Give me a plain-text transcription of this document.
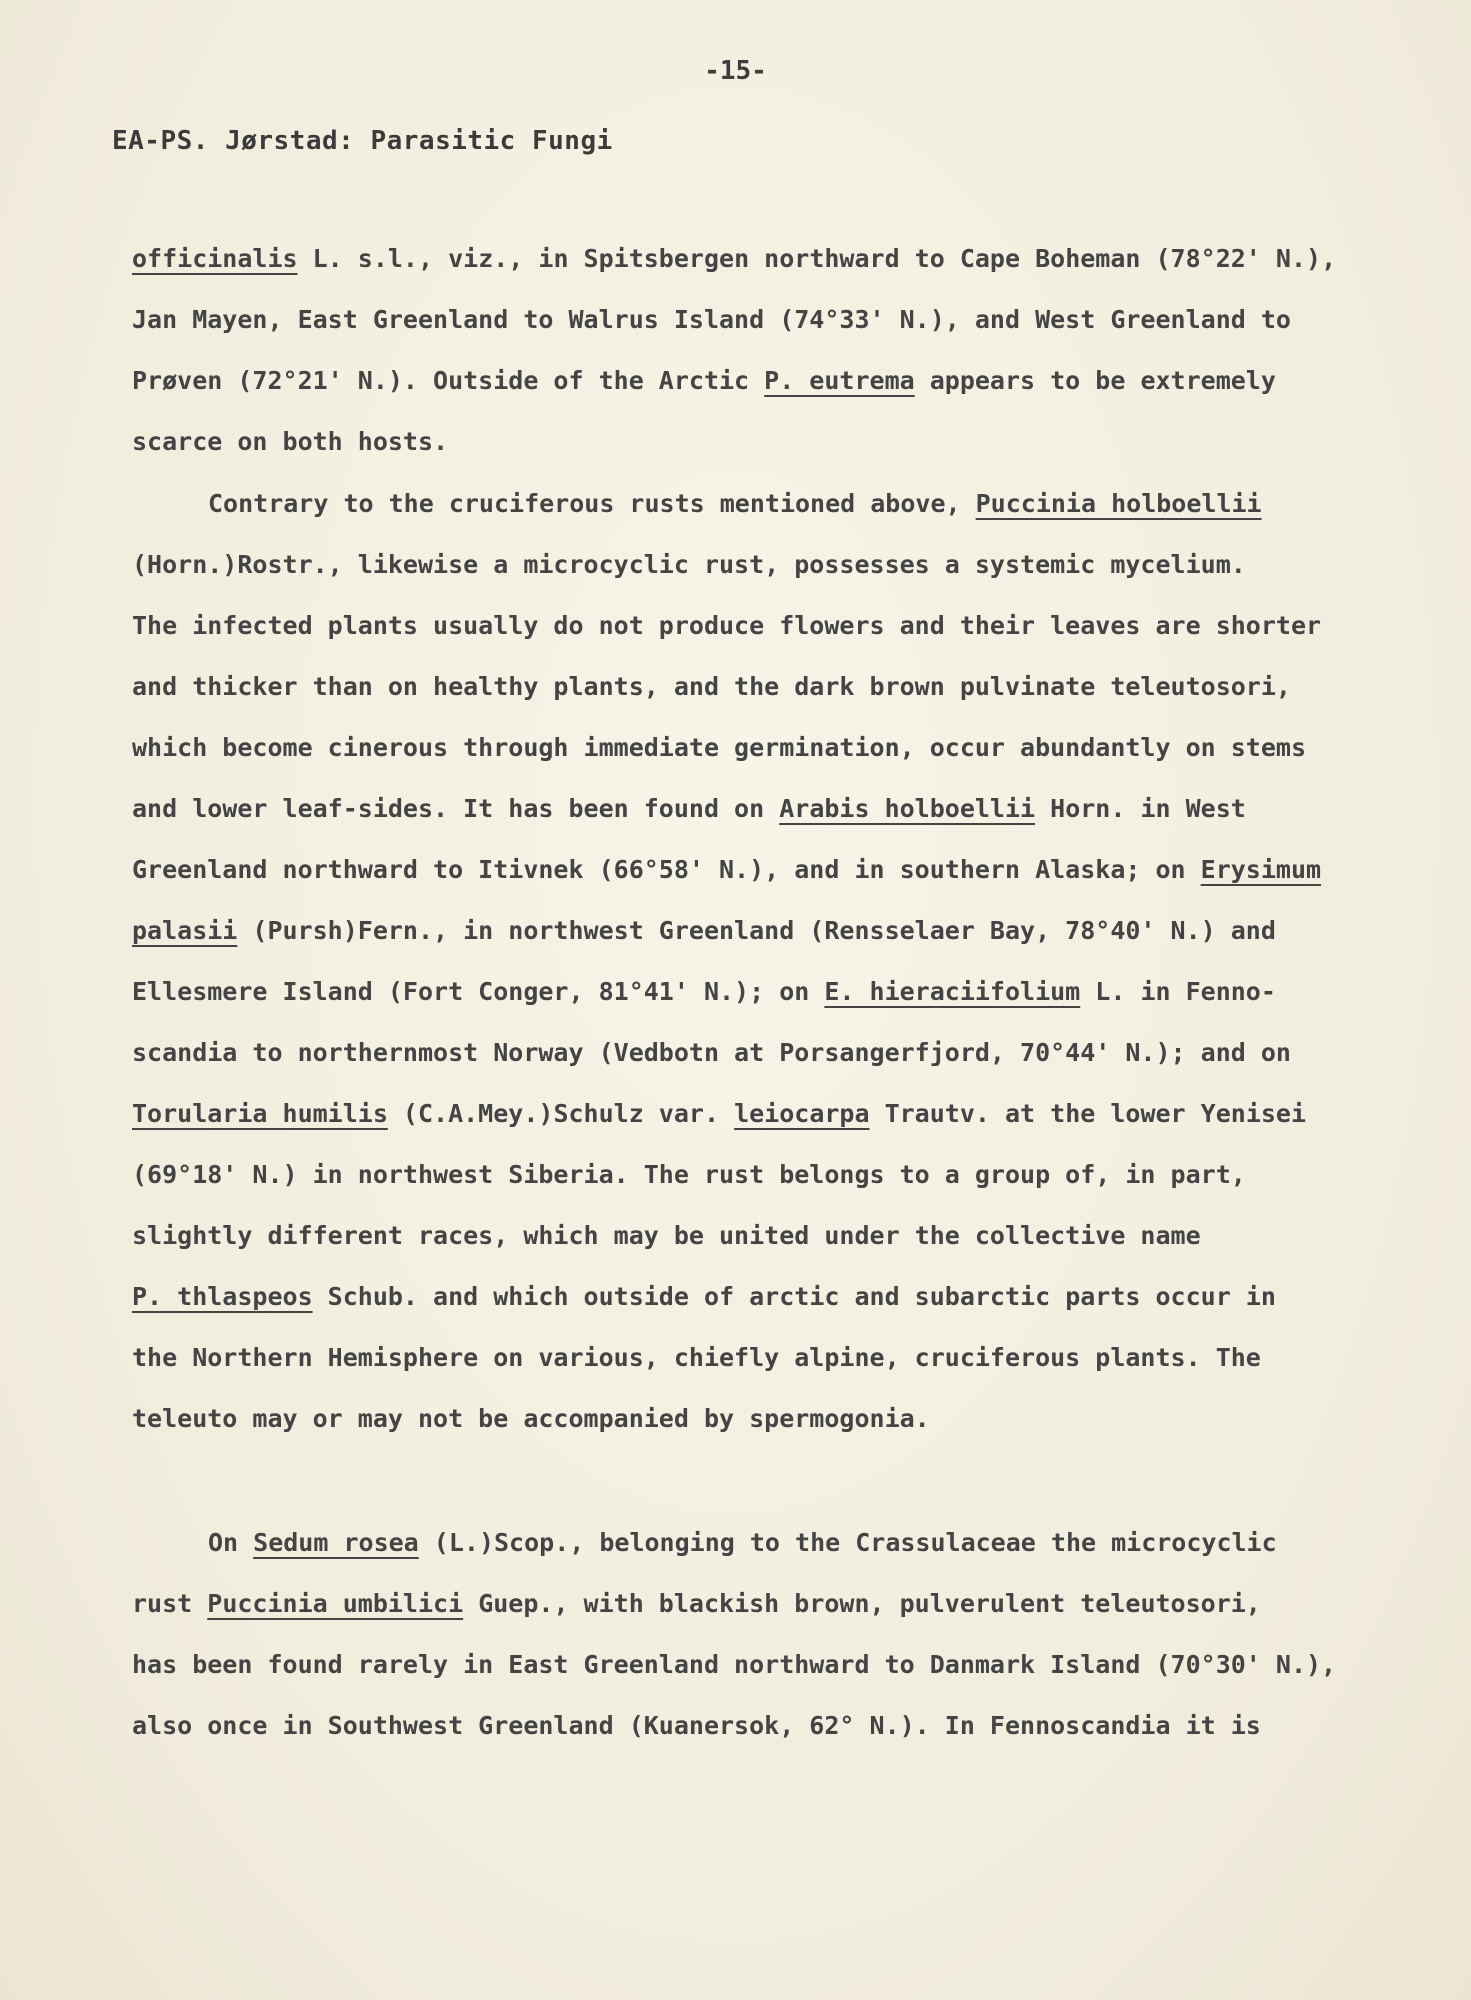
-15-
EA-PS. Jørstad: Parasitic Fungi
officinalis L. s.l., viz., in Spitsbergen northward to Cape Boheman (78°22' N.),
Jan Mayen, East Greenland to Walrus Island (74°33' N.), and West Greenland to
Prøven (72°21' N.). Outside of the Arctic P. eutrema appears to be extremely
scarce on both hosts.
Contrary to the cruciferous rusts mentioned above, Puccinia holboellii
(Horn.)Rostr., likewise a microcyclic rust, possesses a systemic mycelium.
The infected plants usually do not produce flowers and their leaves are shorter
and thicker than on healthy plants, and the dark brown pulvinate teleutosori,
which become cinerous through immediate germination, occur abundantly on stems
and lower leaf-sides. It has been found on Arabis holboellii Horn. in West
Greenland northward to Itivnek (66°58' N.), and in southern Alaska; on Erysimum
palasii (Pursh)Fern., in northwest Greenland (Rensselaer Bay, 78°40' N.) and
Ellesmere Island (Fort Conger, 81°41' N.); on E. hieraciifolium L. in Fenno-
scandia to northernmost Norway (Vedbotn at Porsangerfjord, 70°44' N.); and on
Torularia humilis (C.A.Mey.)Schulz var. leiocarpa Trautv. at the lower Yenisei
(69°18' N.) in northwest Siberia. The rust belongs to a group of, in part,
slightly different races, which may be united under the collective name
P. thlaspeos Schub. and which outside of arctic and subarctic parts occur in
the Northern Hemisphere on various, chiefly alpine, cruciferous plants. The
teleuto may or may not be accompanied by spermogonia.
On Sedum rosea (L.)Scop., belonging to the Crassulaceae the microcyclic
rust Puccinia umbilici Guep., with blackish brown, pulverulent teleutosori,
has been found rarely in East Greenland northward to Danmark Island (70°30' N.),
also once in Southwest Greenland (Kuanersok, 62° N.). In Fennoscandia it is
